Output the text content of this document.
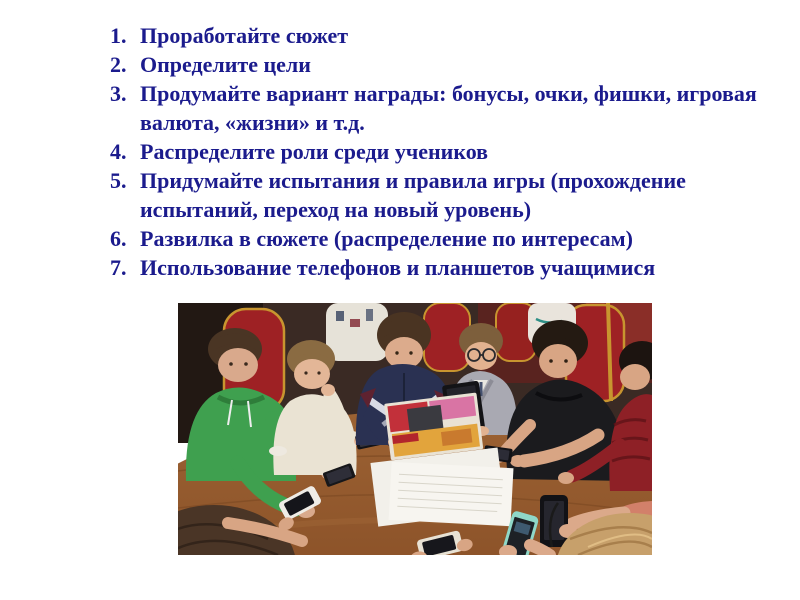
1. Проработайте сюжет
2. Определите цели
3. Продумайте вариант награды: бонусы, очки, фишки, игровая валюта, «жизни» и т.д.
4. Распределите роли среди учеников
5. Придумайте испытания и правила игры (прохождение испытаний, переход на новый уровень)
6. Развилка в сюжете (распределение по интересам)
7. Использование телефонов и планшетов учащимися
